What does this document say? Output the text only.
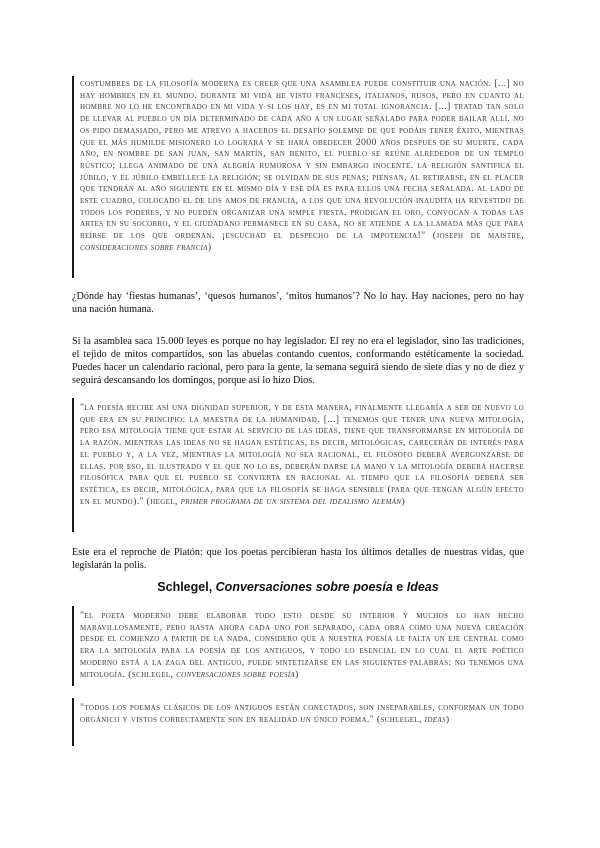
costumbres de la filosofía moderna es creer que una asamblea puede constituir una nación. [...] no hay hombres en el mundo. durante mi vida he visto franceses, italianos, rusos, pero en cuanto al hombre no lo he encontrado en mi vida y si los hay, es en mi total ignorancia. [...] tratad tan solo de llevar al pueblo un día determinado de cada año a un lugar señalado para poder bailar allí. no os pido demasiado, pero me atrevo a haceros el desafío solemne de que podáis tener éxito, mientras que el más humilde misionero lo logrará y se hará obedecer 2000 años después de su muerte. cada año, en nombre de san juan, san martín, san benito, el pueblo se reúne alrededor de un templo rústico; llega animado de una alegría rumorosa y sin embargo inocente. la religión santifica el júbilo, y el júbilo embellece la religión; se olvidan de sus penas; piensan, al retirarse, en el placer que tendrán al año siguiente en el mismo día y ese día es para ellos una fecha señalada. al lado de este cuadro, colocado el de los amos de francia, a los que una revolución inaudita ha revestido de todos los poderes, y no pueden organizar una simple fiesta. prodigan el oro, convocan a todas las artes en su socorro, y el ciudadano permanece en su casa, no se atiende a la llamada más que para reírse de los que ordenan. ¡escuchad el despecho de la impotencia!" (joseph de maistre, consideraciones sobre francia)

¿Dónde hay ‘fiestas humanas’, ‘quesos humanos’, ‘mitos humanos’? No lo hay. Hay naciones, pero no hay una nación humana.

Si la asamblea saca 15.000 leyes es porque no hay legislador. El rey no era el legislador, sino las tradiciones, el tejido de mitos compartidos, son las abuelas contando cuentos, conformando estéticamente la sociedad. Puedes hacer un calendario racional, pero para la gente, la semana seguirá siendo de siete días y no de diez y seguirá descansando los domingos, porque así lo hizo Dios.

"la poesía recibe así una dignidad superior, y de esta manera, finalmente llegaría a ser de nuevo lo que era en su principio: la maestra de la humanidad. [...] tenemos que tener una nueva mitología, pero esa mitología tiene que estar al servicio de las ideas, tiene que transformarse en mitología de la razón. mientras las ideas no se hagan estéticas, es decir, mitológicas, carecerán de interés para el pueblo y, a la vez, mientras la mitología no sea racional, el filósofo deberá avergonzarse de ellas. por eso, el ilustrado y el que no lo es, deberán darse la mano y la mitología deberá hacerse filosófica para que el pueblo se convierta en racional al tiempo que la filosofía deberá ser estética, es decir, mitológica, para que la filosofía se haga sensible (para que tengan algún efecto en el mundo)." (hegel, primer programa de un sistema del idealismo alemán)

Este era el reproche de Platón: que los poetas percibieran hasta los últimos detalles de nuestras vidas, que legislarán la polis.

Schlegel, Conversaciones sobre poesía e Ideas
"el poeta moderno debe elaborar todo esto desde su interior y muchos lo han hecho maravillosamente, pero hasta ahora cada uno por separado, cada obra como una nueva creación desde el comienzo a partir de la nada. considero que a nuestra poesía le falta un eje central como era la mitología para la poesía de los antiguos, y todo lo esencial en lo cual el arte poético moderno está a la zaga del antiguo, puede sintetizarse en las siguientes palabras: no tenemos una mitología. (schlegel, conversaciones sobre poesía)
"todos los poemas clásicos de los antiguos están conectados, son inseparables, conforman un todo orgánico y vistos correctamente son en realidad un único poema." (schlegel, ideas)
